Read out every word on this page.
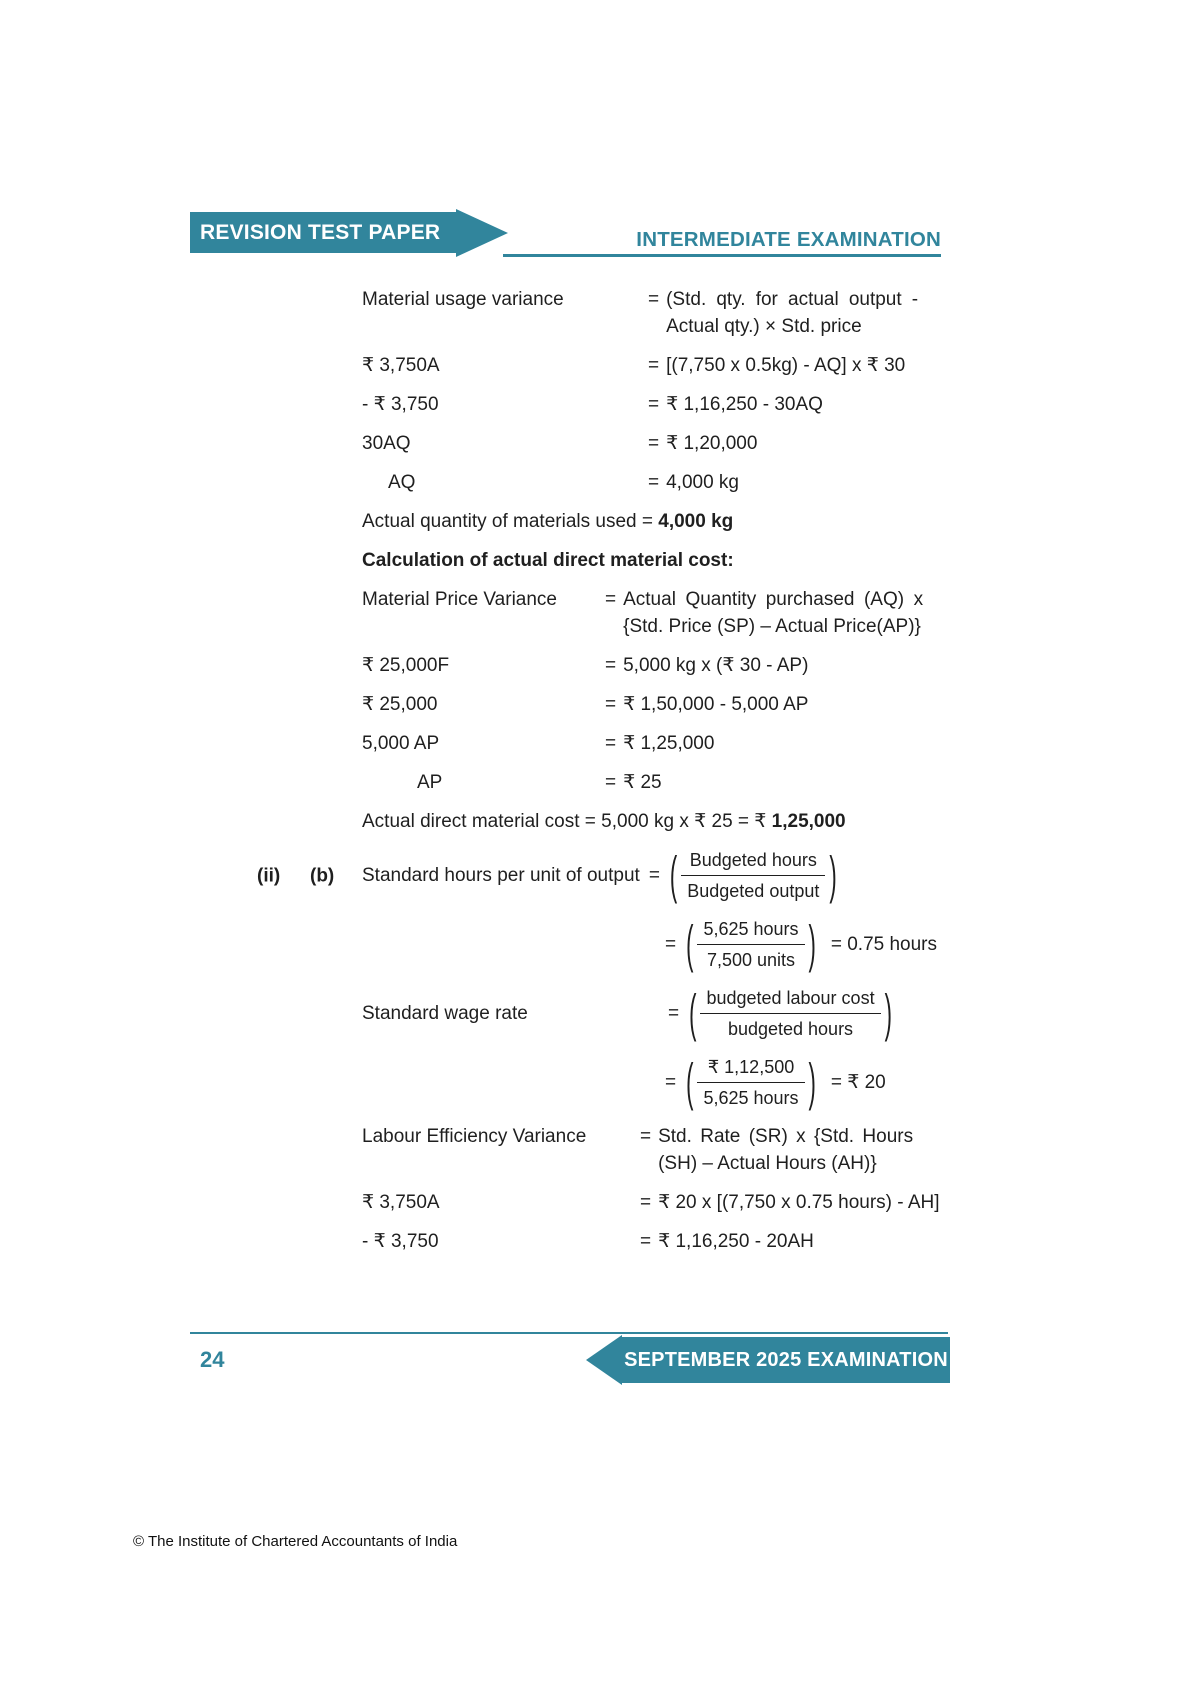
REVISION TEST PAPER	INTERMEDIATE EXAMINATION
Material usage variance	= (Std. qty. for actual output - Actual qty.) × Std. price
₹ 3,750A	= [(7,750 x 0.5kg) - AQ] x ₹ 30
- ₹ 3,750	= ₹ 1,16,250 - 30AQ
30AQ	= ₹ 1,20,000
AQ	= 4,000 kg
Actual quantity of materials used = 4,000 kg
Calculation of actual direct material cost:
Material Price Variance	= Actual Quantity purchased (AQ) x {Std. Price (SP) – Actual Price(AP)}
₹ 25,000F	= 5,000 kg x (₹ 30 - AP)
₹ 25,000	= ₹ 1,50,000 - 5,000 AP
5,000 AP	= ₹ 1,25,000
AP	= ₹ 25
Actual direct material cost = 5,000 kg x ₹ 25 = ₹ 1,25,000
(ii) (b) Standard hours per unit of output = ( $\frac{\text{Budgeted hours}}{\text{Budgeted output}}$ )
= ( $\frac{\text{5,625 hours}}{\text{7,500 units}}$ ) = 0.75 hours
Standard wage rate	= ( $\frac{\text{budgeted labour cost}}{\text{budgeted hours}}$ )
= ( $\frac{₹ 1,12,500}{\text{5,625 hours}}$ ) = ₹ 20
Labour Efficiency Variance	= Std. Rate (SR) x {Std. Hours (SH) – Actual Hours (AH)}
₹ 3,750A	= ₹ 20 x [(7,750 x 0.75 hours) - AH]
- ₹ 3,750	= ₹ 1,16,250 - 20AH
24	SEPTEMBER 2025 EXAMINATION
© The Institute of Chartered Accountants of India
